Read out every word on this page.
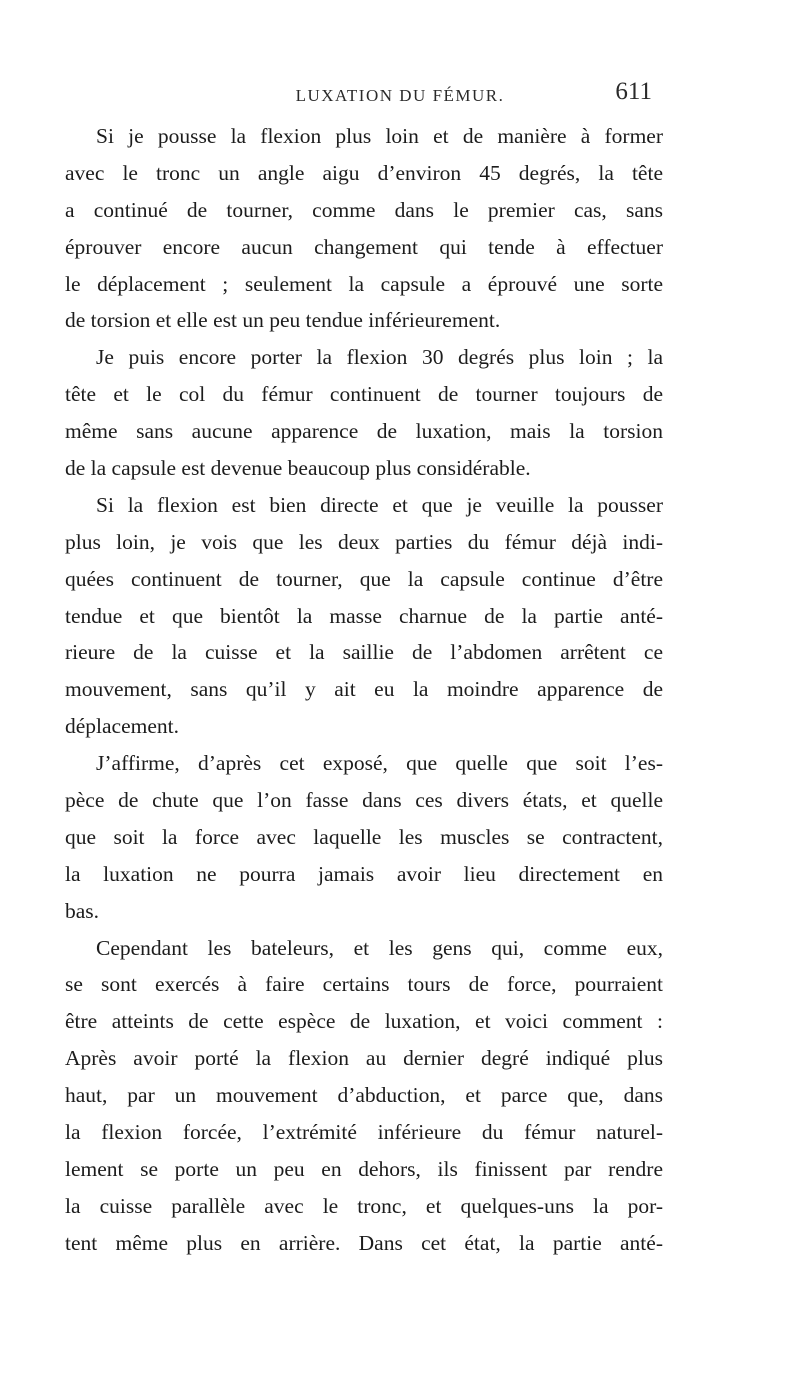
LUXATION DU FÉMUR.	611
Si je pousse la flexion plus loin et de manière à former
avec le tronc un angle aigu d’environ 45 degrés, la tête
a continué de tourner, comme dans le premier cas, sans
éprouver encore aucun changement qui tende à effectuer
le déplacement ; seulement la capsule a éprouvé une sorte
de torsion et elle est un peu tendue inférieurement.
Je puis encore porter la flexion 30 degrés plus loin ; la
tête et le col du fémur continuent de tourner toujours de
même sans aucune apparence de luxation, mais la torsion
de la capsule est devenue beaucoup plus considérable.
Si la flexion est bien directe et que je veuille la pousser
plus loin, je vois que les deux parties du fémur déjà indi-
quées continuent de tourner, que la capsule continue d’être
tendue et que bientôt la masse charnue de la partie anté-
rieure de la cuisse et la saillie de l’abdomen arrêtent ce
mouvement, sans qu’il y ait eu la moindre apparence de
déplacement.
J’affirme, d’après cet exposé, que quelle que soit l’es-
pèce de chute que l’on fasse dans ces divers états, et quelle
que soit la force avec laquelle les muscles se contractent,
la luxation ne pourra jamais avoir lieu directement en
bas.
Cependant les bateleurs, et les gens qui, comme eux,
se sont exercés à faire certains tours de force, pourraient
être atteints de cette espèce de luxation, et voici comment :
Après avoir porté la flexion au dernier degré indiqué plus
haut, par un mouvement d’abduction, et parce que, dans
la flexion forcée, l’extrémité inférieure du fémur naturel-
lement se porte un peu en dehors, ils finissent par rendre
la cuisse parallèle avec le tronc, et quelques-uns la por-
tent même plus en arrière. Dans cet état, la partie anté-
